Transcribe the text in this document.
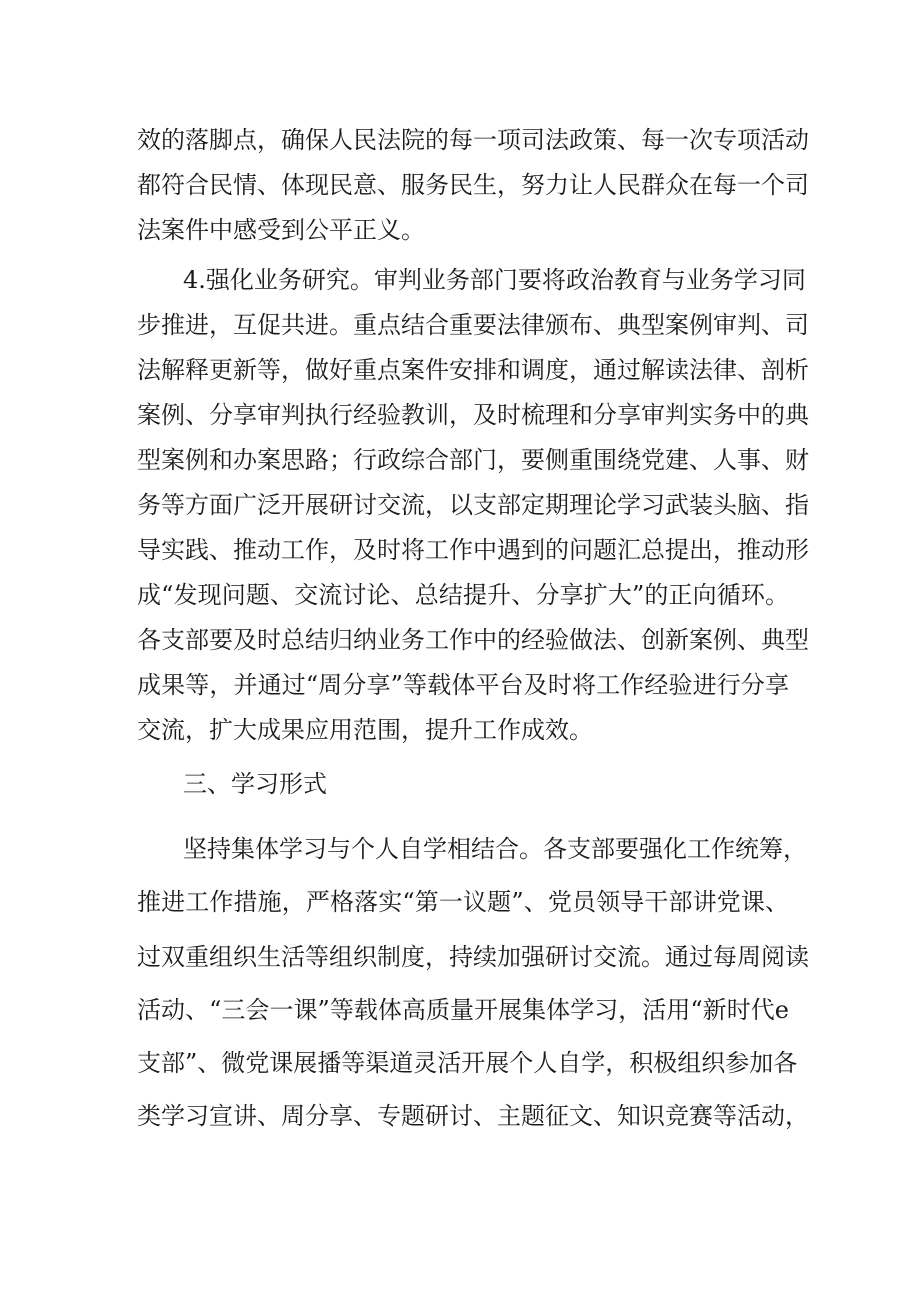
效的落脚点，确保人民法院的每一项司法政策、每一次专项活动
都符合民情、体现民意、服务民生，努力让人民群众在每一个司
法案件中感受到公平正义。
4.强化业务研究。审判业务部门要将政治教育与业务学习同
步推进，互促共进。重点结合重要法律颁布、典型案例审判、司
法解释更新等，做好重点案件安排和调度，通过解读法律、剖析
案例、分享审判执行经验教训，及时梳理和分享审判实务中的典
型案例和办案思路；行政综合部门，要侧重围绕党建、人事、财
务等方面广泛开展研讨交流，以支部定期理论学习武装头脑、指
导实践、推动工作，及时将工作中遇到的问题汇总提出，推动形
成“发现问题、交流讨论、总结提升、分享扩大”的正向循环。
各支部要及时总结归纳业务工作中的经验做法、创新案例、典型
成果等，并通过“周分享”等载体平台及时将工作经验进行分享
交流，扩大成果应用范围，提升工作成效。
三、学习形式
坚持集体学习与个人自学相结合。各支部要强化工作统筹，
推进工作措施，严格落实“第一议题”、党员领导干部讲党课、
过双重组织生活等组织制度，持续加强研讨交流。通过每周阅读
活动、“三会一课”等载体高质量开展集体学习，活用“新时代e
支部”、微党课展播等渠道灵活开展个人自学，积极组织参加各
类学习宣讲、周分享、专题研讨、主题征文、知识竞赛等活动，
